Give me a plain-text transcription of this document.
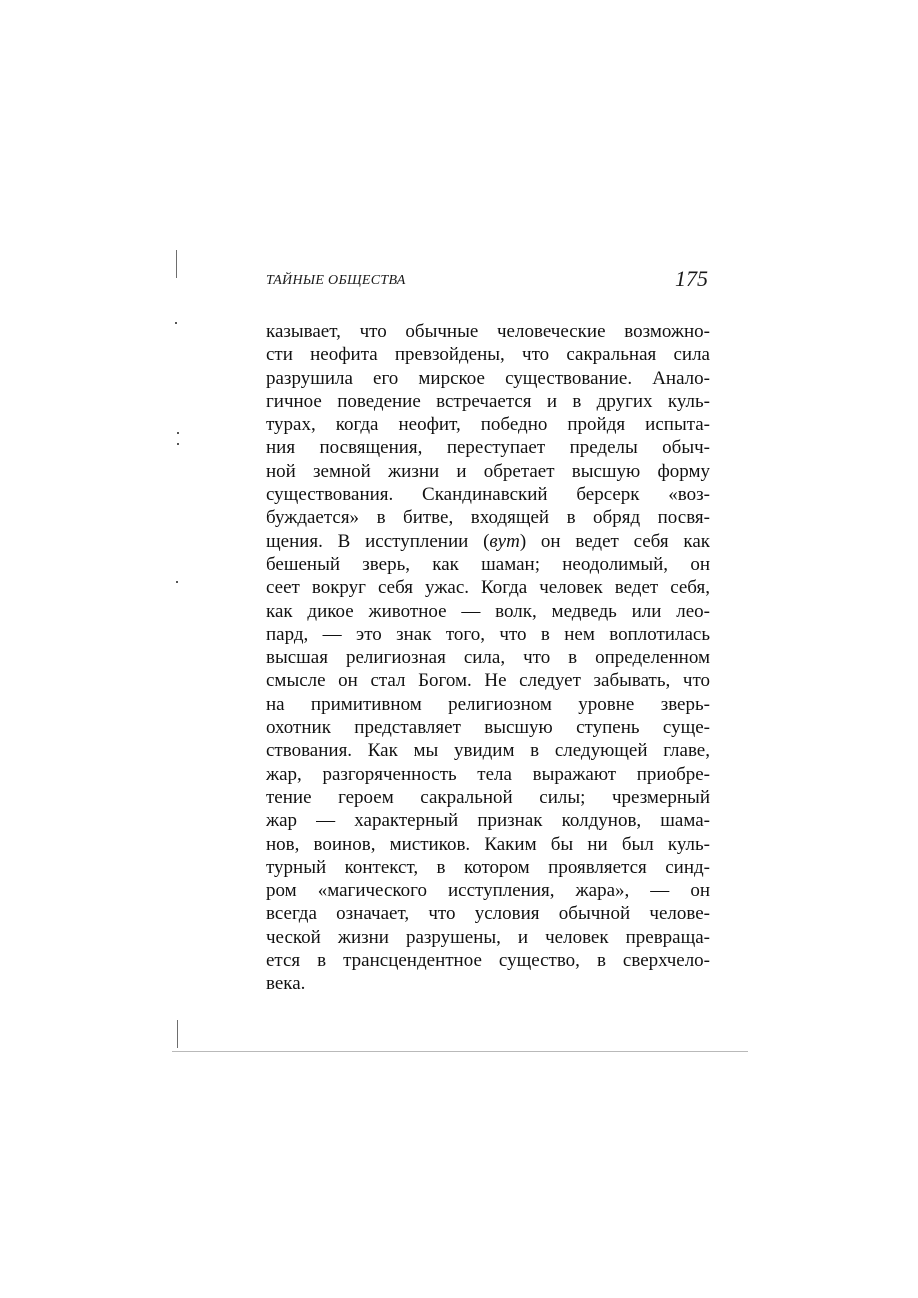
ТАЙНЫЕ ОБЩЕСТВА	175
казывает, что обычные человеческие возможно-
сти неофита превзойдены, что сакральная сила
разрушила его мирское существование. Анало-
гичное поведение встречается и в других куль-
турах, когда неофит, победно пройдя испыта-
ния посвящения, переступает пределы обыч-
ной земной жизни и обретает высшую форму
существования. Скандинавский берсерк «воз-
буждается» в битве, входящей в обряд посвя-
щения. В исступлении (вут) он ведет себя как
бешеный зверь, как шаман; неодолимый, он
сеет вокруг себя ужас. Когда человек ведет себя,
как дикое животное — волк, медведь или лео-
пард, — это знак того, что в нем воплотилась
высшая религиозная сила, что в определенном
смысле он стал Богом. Не следует забывать, что
на примитивном религиозном уровне зверь-
охотник представляет высшую ступень суще-
ствования. Как мы увидим в следующей главе,
жар, разгоряченность тела выражают приобре-
тение героем сакральной силы; чрезмерный
жар — характерный признак колдунов, шама-
нов, воинов, мистиков. Каким бы ни был куль-
турный контекст, в котором проявляется синд-
ром «магического исступления, жара», — он
всегда означает, что условия обычной челове-
ческой жизни разрушены, и человек превраща-
ется в трансцендентное существо, в сверхчело-
века.
